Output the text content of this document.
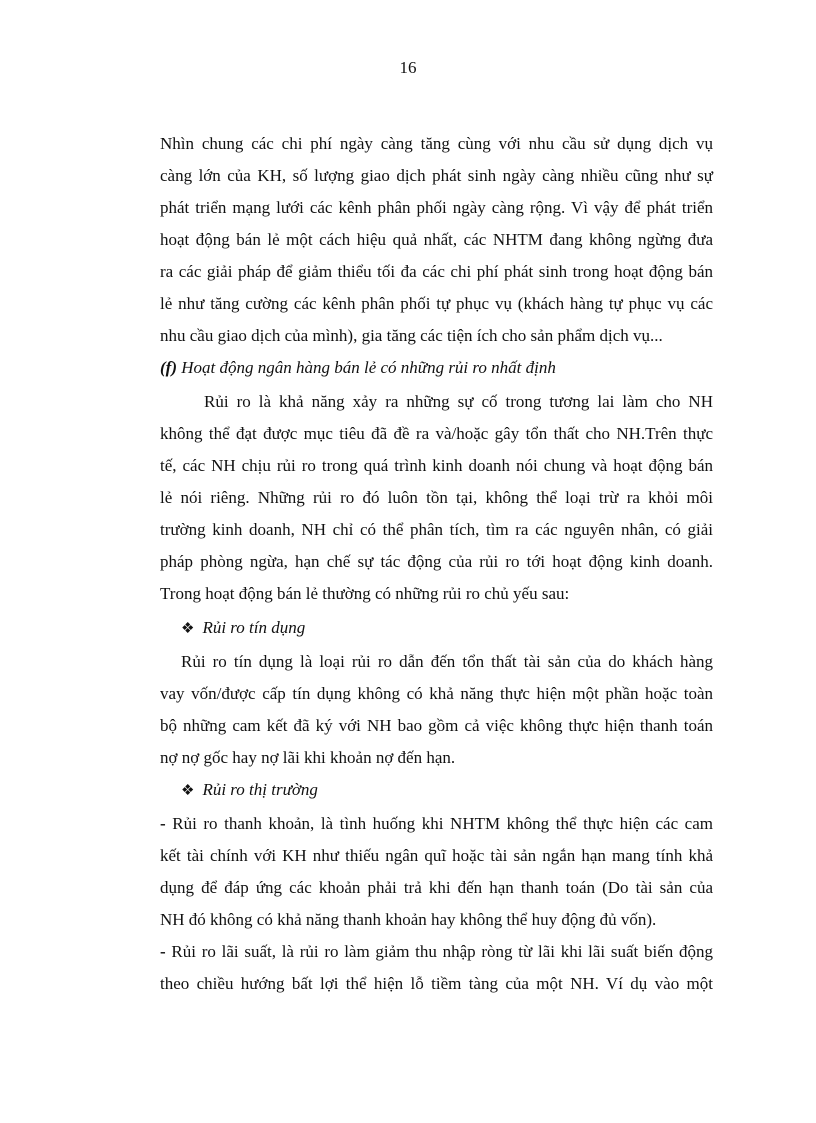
16
Nhìn chung các chi phí ngày càng tăng cùng với nhu cầu sử dụng dịch vụ
càng lớn của KH, số lượng giao dịch phát sinh ngày càng nhiều cũng như sự
phát triển mạng lưới các kênh phân phối ngày càng rộng. Vì vậy để phát triển
hoạt động bán lẻ một cách hiệu quả nhất, các NHTM đang không ngừng đưa
ra các giải pháp để giảm thiểu tối đa các chi phí phát sinh trong hoạt động bán
lẻ như tăng cường các kênh phân phối tự phục vụ (khách hàng tự phục vụ các
nhu cầu giao dịch của mình), gia tăng các tiện ích cho sản phẩm dịch vụ...
(f) Hoạt động ngân hàng bán lẻ có những rủi ro nhất định
Rủi ro là khả năng xảy ra những sự cố trong tương lai làm cho NH
không thể đạt được mục tiêu đã đề ra và/hoặc gây tổn thất cho NH.Trên thực
tế, các NH chịu rủi ro trong quá trình kinh doanh nói chung và hoạt động bán
lẻ nói riêng. Những rủi ro đó luôn tồn tại, không thể loại trừ ra khỏi môi
trường kinh doanh, NH chỉ có thể phân tích, tìm ra các nguyên nhân, có giải
pháp phòng ngừa, hạn chế sự tác động của rủi ro tới hoạt động kinh doanh.
Trong hoạt động bán lẻ thường có những rủi ro chủ yếu sau:
❖ Rủi ro tín dụng
Rủi ro tín dụng là loại rủi ro dẫn đến tổn thất tài sản của do khách hàng
vay vốn/được cấp tín dụng không có khả năng thực hiện một phần hoặc toàn
bộ những cam kết đã ký với NH bao gồm cả việc không thực hiện thanh toán
nợ nợ gốc hay nợ lãi khi khoản nợ đến hạn.
❖ Rủi ro thị trường
- Rủi ro thanh khoản, là tình huống khi NHTM không thể thực hiện các cam
kết tài chính với KH như thiếu ngân quĩ hoặc tài sản ngắn hạn mang tính khả
dụng để đáp ứng các khoản phải trả khi đến hạn thanh toán (Do tài sản của
NH đó không có khả năng thanh khoản hay không thể huy động đủ vốn).
- Rủi ro lãi suất, là rủi ro làm giảm thu nhập ròng từ lãi khi lãi suất biến động
theo chiều hướng bất lợi thể hiện lỗ tiềm tàng của một NH. Ví dụ vào một
